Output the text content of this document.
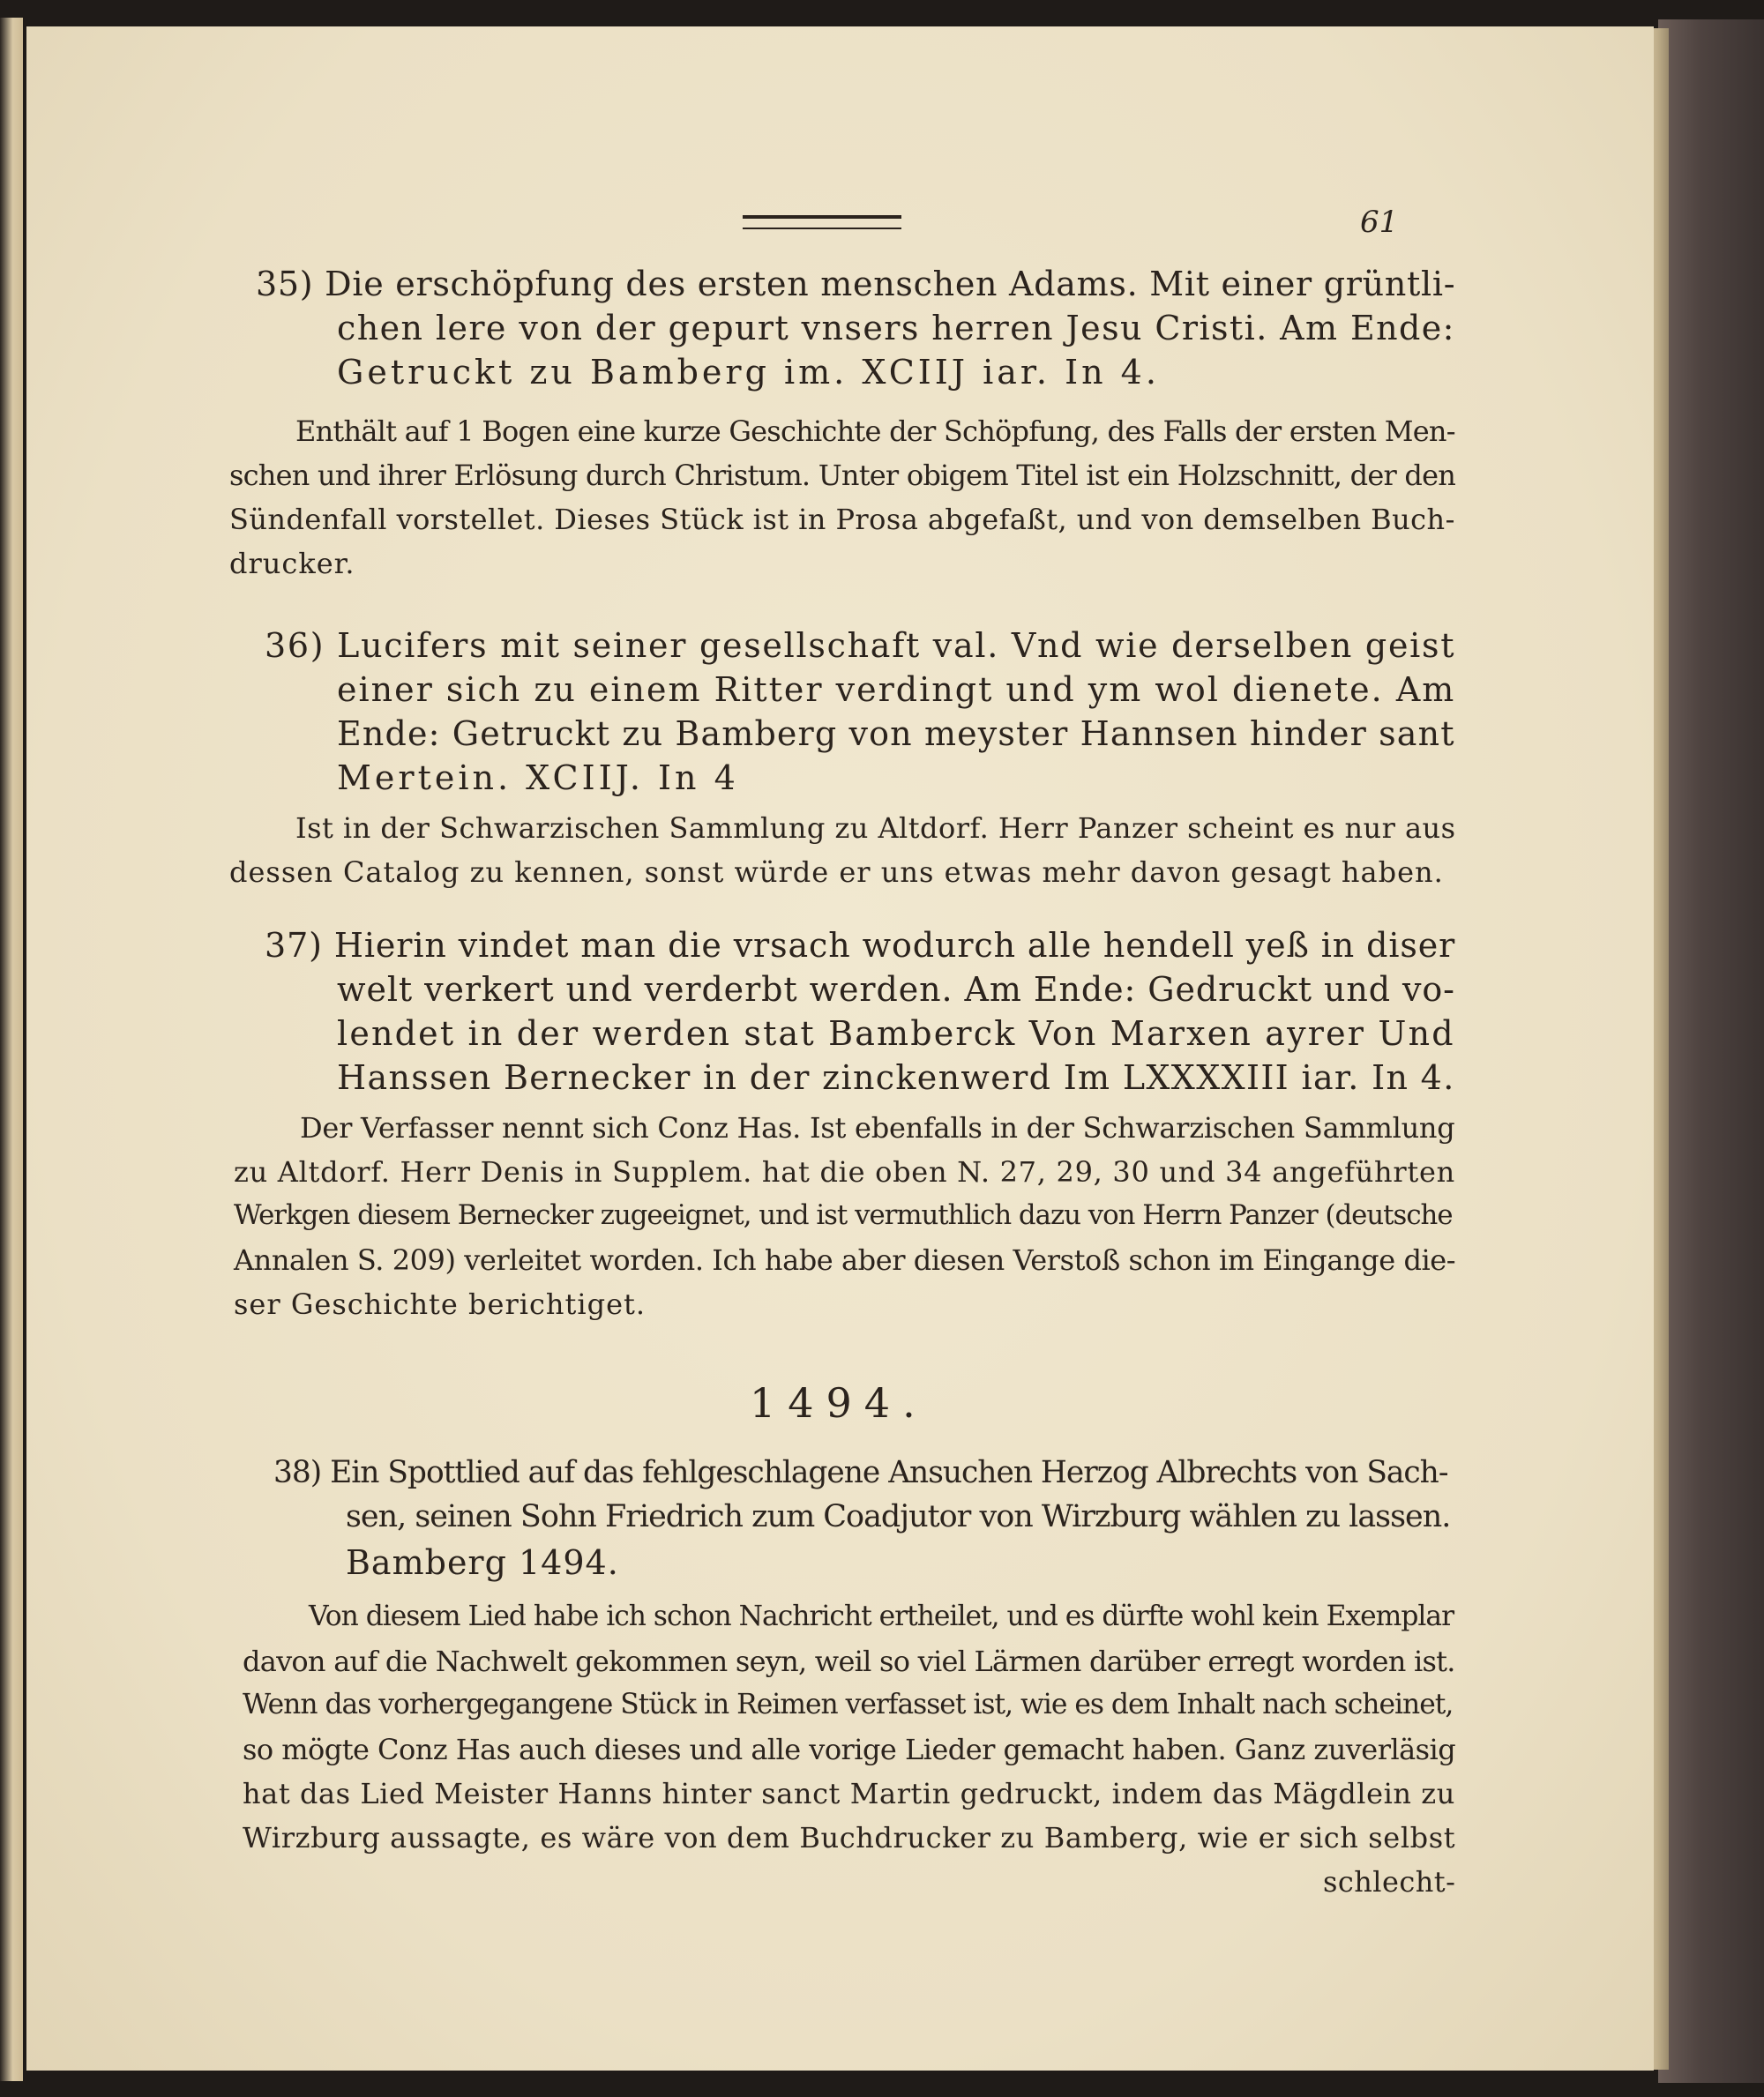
61
35) Die erschöpfung des ersten menschen Adams. Mit einer grüntli-
chen lere von der gepurt vnsers herren Jesu Cristi. Am Ende:
Getruckt zu Bamberg im. XCIIJ iar. In 4.
Enthält auf 1 Bogen eine kurze Geschichte der Schöpfung, des Falls der ersten Men-
schen und ihrer Erlösung durch Christum. Unter obigem Titel ist ein Holzschnitt, der den
Sündenfall vorstellet. Dieses Stück ist in Prosa abgefaßt, und von demselben Buch-
drucker.
36) Lucifers mit seiner gesellschaft val. Vnd wie derselben geist
einer sich zu einem Ritter verdingt und ym wol dienete. Am
Ende: Getruckt zu Bamberg von meyster Hannsen hinder sant
Mertein. XCIIJ. In 4
Ist in der Schwarzischen Sammlung zu Altdorf. Herr Panzer scheint es nur aus
dessen Catalog zu kennen, sonst würde er uns etwas mehr davon gesagt haben.
37) Hierin vindet man die vrsach wodurch alle hendell yeß in diser
welt verkert und verderbt werden. Am Ende: Gedruckt und vo-
lendet in der werden stat Bamberck Von Marxen ayrer Und
Hanssen Bernecker in der zinckenwerd Im LXXXXIII iar. In 4.
Der Verfasser nennt sich Conz Has. Ist ebenfalls in der Schwarzischen Sammlung
zu Altdorf. Herr Denis in Supplem. hat die oben N. 27, 29, 30 und 34 angeführten
Werkgen diesem Bernecker zugeeignet, und ist vermuthlich dazu von Herrn Panzer (deutsche
Annalen S. 209) verleitet worden. Ich habe aber diesen Verstoß schon im Eingange die-
ser Geschichte berichtiget.
1494.
38) Ein Spottlied auf das fehlgeschlagene Ansuchen Herzog Albrechts von Sach-
sen, seinen Sohn Friedrich zum Coadjutor von Wirzburg wählen zu lassen.
Bamberg 1494.
Von diesem Lied habe ich schon Nachricht ertheilet, und es dürfte wohl kein Exemplar
davon auf die Nachwelt gekommen seyn, weil so viel Lärmen darüber erregt worden ist.
Wenn das vorhergegangene Stück in Reimen verfasset ist, wie es dem Inhalt nach scheinet,
so mögte Conz Has auch dieses und alle vorige Lieder gemacht haben. Ganz zuverläsig
hat das Lied Meister Hanns hinter sanct Martin gedruckt, indem das Mägdlein zu
Wirzburg aussagte, es wäre von dem Buchdrucker zu Bamberg, wie er sich selbst
schlecht-
